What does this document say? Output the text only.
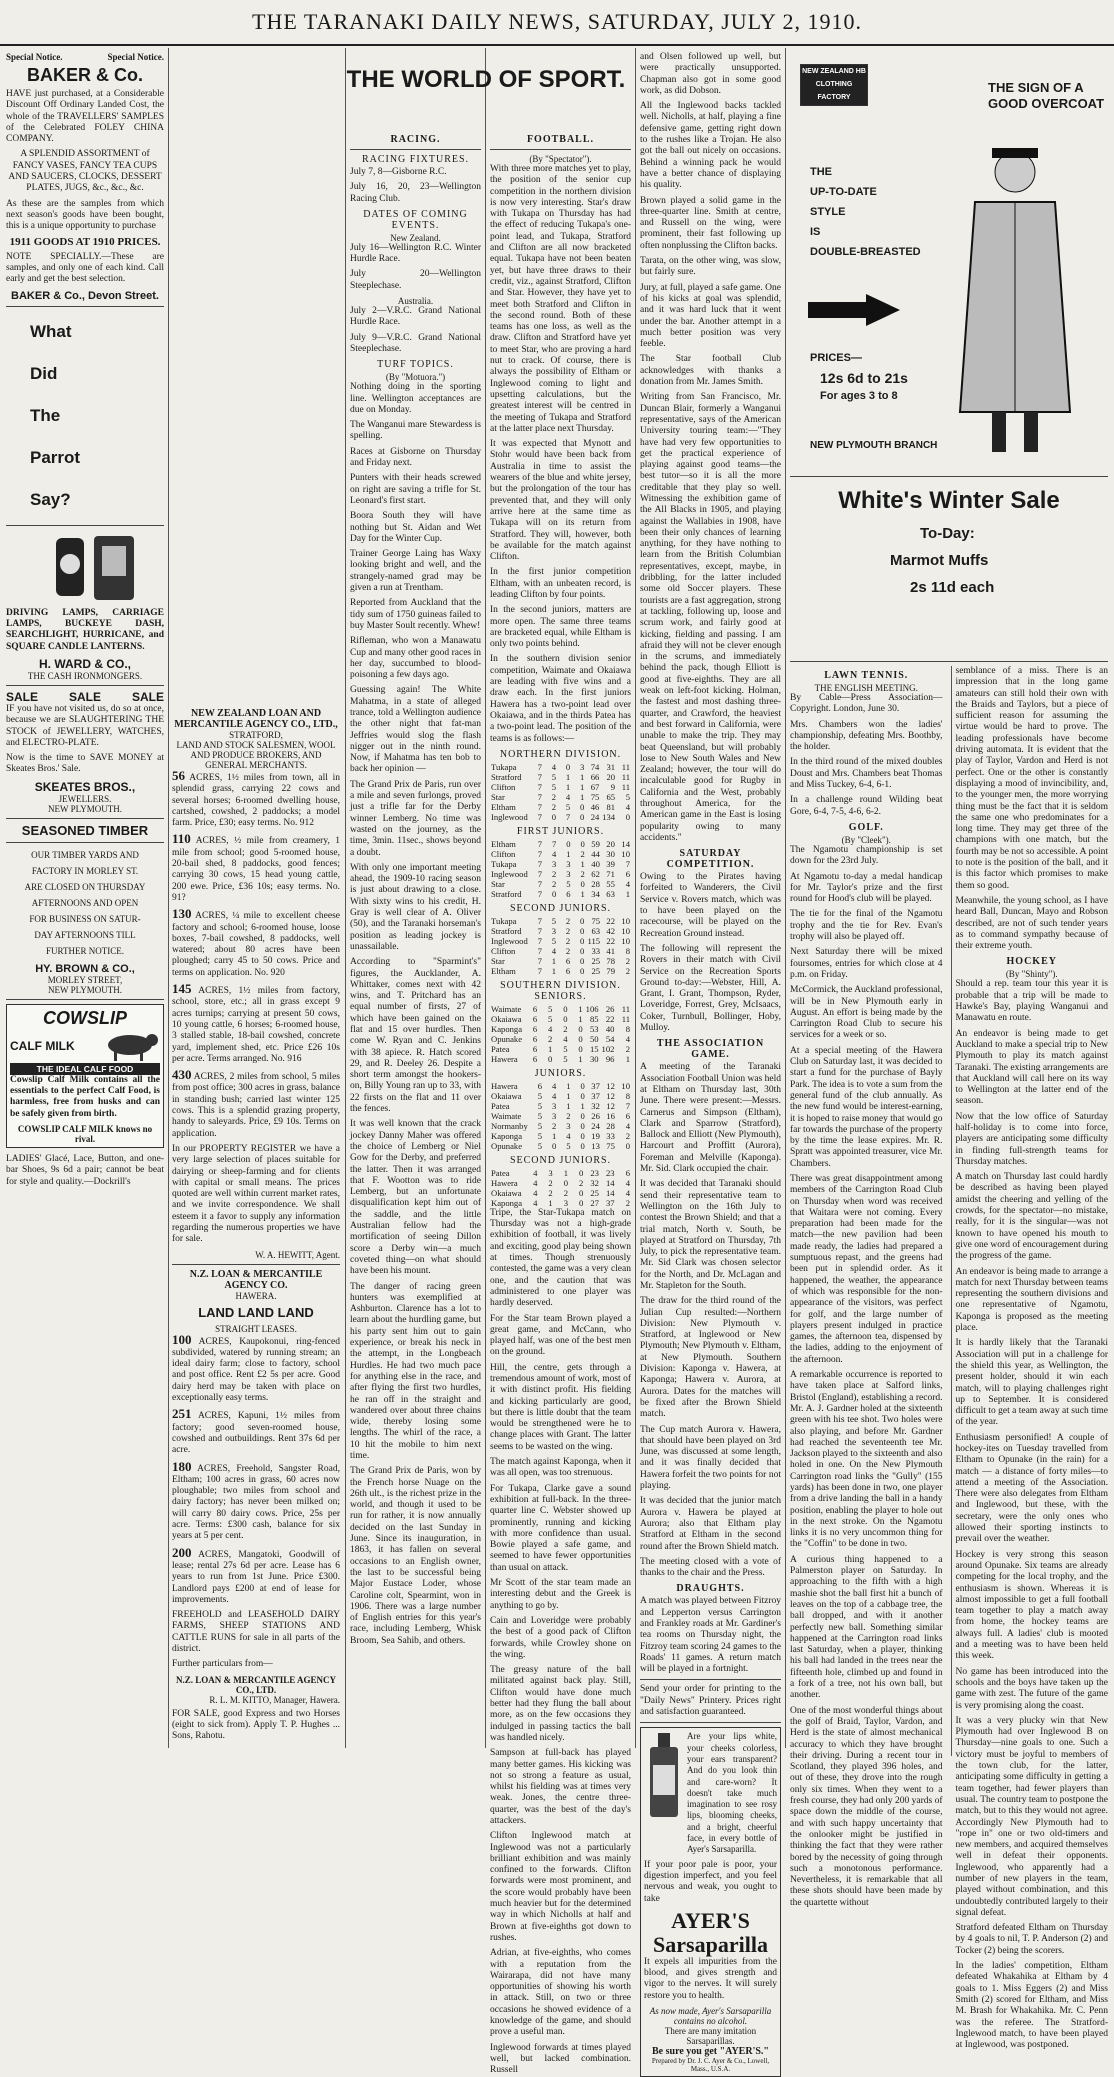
THE TARANAKI DAILY NEWS, SATURDAY, JULY 2, 1910.
Special Notice.	Special Notice.
BAKER & Co.

HAVE just purchased, at a Considerable Discount Off Ordinary Landed Cost, the whole of the TRAVELLERS' SAMPLES of the Celebrated FOLEY CHINA COMPANY.

A SPLENDID ASSORTMENT of FANCY VASES, FANCY TEA CUPS AND SAUCERS, CLOCKS, DESSERT PLATES, JUGS, &c., &c., &c.

As these are the samples from which next season's goods have been bought, this is a unique opportunity to purchase

1911 GOODS AT 1910 PRICES.

NOTE SPECIALLY.—These are samples, and only one of each kind. Call early and get the best selection.

BAKER & Co., Devon Street.
What
Did
The
Parrot
Say?

DRIVING LAMPS, CARRIAGE LAMPS, BUCKEYE DASH, SEARCHLIGHT, HURRICANE, and SQUARE CANDLE LANTERNS.

H. WARD & CO.,
THE CASH IRONMONGERS.
SALE	SALE	SALE

IF you have not visited us, do so at once, because we are SLAUGHTERING THE STOCK of JEWELLERY, WATCHES, and ELECTRO-PLATE.

Now is the time to SAVE MONEY at Skeates Bros.' Sale.

SKEATES BROS.,
JEWELLERS.
NEW PLYMOUTH.
SEASONED TIMBER
OUR TIMBER YARDS AND
FACTORY IN MORLEY ST.
ARE CLOSED ON THURSDAY
AFTERNOONS AND OPEN
FOR BUSINESS ON SATUR-
DAY AFTERNOONS TILL
FURTHER NOTICE.
HY. BROWN & CO.,
MORLEY STREET,
NEW PLYMOUTH.
COWSLIP
CALF MILK
THE IDEAL CALF FOOD

Cowslip Calf Milk contains all the essentials to the perfect Calf Food, is harmless, free from husks and can be safely given from birth.

COWSLIP CALF MILK knows no rival.

LADIES' Glacé, Lace, Button, and one-bar Shoes, 9s 6d a pair; cannot be beat for style and quality.—Dockrill's

THE WORLD OF SPORT.
RACING.
RACING FIXTURES.

July 7, 8—Gisborne R.C.

July 16, 20, 23—Wellington Racing Club.

DATES OF COMING EVENTS.
New Zealand.

July 16—Wellington R.C. Winter Hurdle Race.

July 20—Wellington Steeplechase.

Australia.

July 2—V.R.C. Grand National Hurdle Race.

July 9—V.R.C. Grand National Steeplechase.

TURF TOPICS.
(By "Motuora.")

Nothing doing in the sporting line. Wellington acceptances are due on Monday.

The Wanganui mare Stewardess is spelling.

Races at Gisborne on Thursday and Friday next.

Punters with their heads screwed on right are saving a trifle for St. Leonard's first start.

Boora South they will have nothing but St. Aidan and Wet Day for the Winter Cup.

Trainer George Laing has Waxy looking bright and well, and the strangely-named grad may be given a run at Trentham.

Reported from Auckland that the tidy sum of 1750 guineas failed to buy Master Soult recently. Whew!

Rifleman, who won a Manawatu Cup and many other good races in her day, succumbed to blood-poisoning a few days ago.

Guessing again! The White Mahatma, in a state of alleged trance, told a Wellington audience the other night that fat-man Jeffries would slog the flash nigger out in the ninth round. Now, if Mahatma has ten bob to back her opinion —

The Grand Prix de Paris, run over a mile and seven furlongs, proved just a trifle far for the Derby winner Lemberg. No time was wasted on the journey, as the time, 3min. 11sec., shows beyond a doubt.

With only one important meeting ahead, the 1909-10 racing season is just about drawing to a close. With sixty wins to his credit, H. Gray is well clear of A. Oliver (50), and the Taranaki horseman's position as leading jockey is unassailable.

According to "Sparmint's" figures, the Aucklander, A. Whittaker, comes next with 42 wins, and T. Pritchard has an equal number of firsts, 27 of which have been gained on the flat and 15 over hurdles. Then come W. Ryan and C. Jenkins with 38 apiece. R. Hatch scored 29, and R. Deeley 26. Despite a short term amongst the hookers-on, Billy Young ran up to 33, with 22 firsts on the flat and 11 over the fences.

It was well known that the crack jockey Danny Maher was offered the choice of Lemberg or Niel Gow for the Derby, and preferred the latter. Then it was arranged that F. Wootton was to ride Lemberg, but an unfortunate disqualification kept him out of the saddle, and the little Australian fellow had the mortification of seeing Dillon score a Derby win—a much coveted thing—on what should have been his mount.

The danger of racing green hunters was exemplified at Ashburton. Clarence has a lot to learn about the hurdling game, but his party sent him out to gain experience, or break his neck in the attempt, in the Longbeach Hurdles. He had two much pace for anything else in the race, and after flying the first two hurdles, he ran off in the straight and wandered over about three chains wide, thereby losing some lengths. The whirl of the race, a 10 hit the mobile to him next time.

The Grand Prix de Paris, won by the French horse Nuage on the 26th ult., is the richest prize in the world, and though it used to be run for rather, it is now annually decided on the last Sunday in June. Since its inauguration, in 1863, it has fallen on several occasions to an English owner, the last to be successful being Major Eustace Loder, whose Caroline colt, Spearmint, won in 1906. There was a large number of English entries for this year's race, including Lemberg, Whisk Broom, Sea Sahib, and others.

NEW ZEALAND LOAN AND MERCANTILE AGENCY CO., LTD.,
STRATFORD,
LAND AND STOCK SALESMEN, WOOL AND PRODUCE BROKERS, AND GENERAL MERCHANTS.

56 ACRES, 1½ miles from town, all in splendid grass, carrying 22 cows and several horses; 6-roomed dwelling house, cartshed, cowshed, 2 paddocks; a model farm. Price, £30; easy terms. No. 912

110 ACRES, ½ mile from creamery, 1 mile from school; good 5-roomed house, 20-bail shed, 8 paddocks, good fences; carrying 30 cows, 15 head young cattle, 200 ewe. Price, £36 10s; easy terms. No. 91?

130 ACRES, ¼ mile to excellent cheese factory and school; 6-roomed house, loose boxes, 7-bail cowshed, 8 paddocks, well watered; about 80 acres have been ploughed; carry 45 to 50 cows. Price and terms on application. No. 920

145 ACRES, 1½ miles from factory, school, store, etc.; all in grass except 9 acres turnips; carrying at present 50 cows, 10 young cattle, 6 horses; 6-roomed house, 3 stalled stable, 18-bail cowshed, concrete yard, implement shed, etc. Price £26 10s per acre. Terms arranged. No. 916

430 ACRES, 2 miles from school, 5 miles from post office; 300 acres in grass, balance in standing bush; carried last winter 125 cows. This is a splendid grazing property, handy to saleyards. Price, £9 10s. Terms on application.

In our PROPERTY REGISTER we have a very large selection of places suitable for dairying or sheep-farming and for clients with capital or small means. The prices quoted are well within current market rates, and we invite correspondence. We shall esteem it a favor to supply any information regarding the numerous properties we have for sale.

W. A. HEWITT, Agent.
N.Z. LOAN & MERCANTILE AGENCY CO.
HAWERA.
LAND LAND LAND
STRAIGHT LEASES.

100 ACRES, Kaupokonui, ring-fenced subdivided, watered by running stream; an ideal dairy farm; close to factory, school and post office. Rent £2 5s per acre. Good dairy herd may be taken with place on exceptionally easy terms.

251 ACRES, Kapuni, 1½ miles from factory; good seven-roomed house, cowshed and outbuildings. Rent 37s 6d per acre.

180 ACRES, Freehold, Sangster Road, Eltham; 100 acres in grass, 60 acres now ploughable; two miles from school and dairy factory; has never been milked on; will carry 80 dairy cows. Price, 25s per acre. Terms: £300 cash, balance for six years at 5 per cent.

200 ACRES, Mangatoki, Goodwill of lease; rental 27s 6d per acre. Lease has 6 years to run from 1st June. Price £300. Landlord pays £200 at end of lease for improvements.

FREEHOLD and LEASEHOLD DAIRY FARMS, SHEEP STATIONS AND CATTLE RUNS for sale in all parts of the district.

Further particulars from—

N.Z. LOAN & MERCANTILE AGENCY CO., LTD.
R. L. M. KITTO, Manager, Hawera.

FOR SALE, good Express and two Horses (eight to sick from). Apply T. P. Hughes ... Sons, Rahotu.

FOOTBALL.
(By "Spectator").

With three more matches yet to play, the position of the senior cup competition in the northern division is now very interesting. Star's draw with Tukapa on Thursday has had the effect of reducing Tukapa's one-point lead, and Tukapa, Stratford and Clifton are all now bracketed equal. Tukapa have not been beaten yet, but have three draws to their credit, viz., against Stratford, Clifton and Star. However, they have yet to meet both Stratford and Clifton in the second round. Both of these teams has one loss, as well as the draw. Clifton and Stratford have yet to meet Star, who are proving a hard nut to crack. Of course, there is always the possibility of Eltham or Inglewood coming to light and upsetting calculations, but the greatest interest will be centred in the meeting of Tukapa and Stratford at the latter place next Thursday.

It was expected that Mynott and Stohr would have been back from Australia in time to assist the wearers of the blue and white jersey, but the prolongation of the tour has prevented that, and they will only arrive here at the same time as Tukapa will on its return from Stratford. They will, however, both be available for the match against Clifton.

In the first junior competition Eltham, with an unbeaten record, is leading Clifton by four points.

In the second juniors, matters are more open. The same three teams are bracketed equal, while Eltham is only two points behind.

In the southern division senior competition, Waimate and Okaiawa are leading with five wins and a draw each. In the first juniors Hawera has a two-point lead over Okaiawa, and in the thirds Patea has a two-point lead. The position of the teams is as follows:—

NORTHERN DIVISION.
Tukapa	7	4	0	3	74	31	11
Stratford	7	5	1	1	66	20	11
Clifton	7	5	1	1	67	9	11
Star	7	2	4	1	75	65	5
Eltham	7	2	5	0	46	81	4
Inglewood	7	0	7	0	24	134	0
FIRST JUNIORS.
Eltham	7	7	0	0	59	20	14
Clifton	7	4	1	2	44	30	10
Tukapa	7	3	3	1	40	39	7
Inglewood	7	2	3	2	62	71	6
Star	7	2	5	0	28	55	4
Stratford	7	0	6	1	34	63	1
SECOND JUNIORS.
Tukapa	7	5	2	0	75	22	10
Stratford	7	3	2	0	63	42	10
Inglewood	7	5	2	0	115	22	10
Clifton	7	4	2	0	33	41	8
Star	7	1	6	0	25	78	2
Eltham	7	1	6	0	25	79	2
SOUTHERN DIVISION. SENIORS.
Waimate	6	5	0	1	106	26	11
Okaiawa	6	5	0	1	85	22	11
Kaponga	6	4	2	0	53	40	8
Opunake	6	2	4	0	50	54	4
Patea	6	1	5	0	15	102	2
Hawera	6	0	5	1	30	96	1
JUNIORS.
Hawera	6	4	1	0	37	12	10
Okaiawa	5	4	1	0	37	12	8
Patea	5	3	1	1	32	12	7
Waimate	5	3	2	0	26	16	6
Normanby	5	2	3	0	24	28	4
Kaponga	5	1	4	0	19	33	2
Opunake	5	0	5	0	13	75	0
SECOND JUNIORS.
Patea	4	3	1	0	23	23	6
Hawera	4	2	0	2	32	14	4
Okaiawa	4	2	2	0	25	14	4
Kaponga	4	1	3	0	27	37	2

Tripe, the Star-Tukapa match on Thursday was not a high-grade exhibition of football, it was lively and exciting, good play being shown at times. Though strenuously contested, the game was a very clean one, and the caution that was administered to one player was hardly deserved.

For the Star team Brown played a great game, and McCann, who played half, was one of the best men on the ground.

Hill, the centre, gets through a tremendous amount of work, most of it with distinct profit. His fielding and kicking particularly are good, but there is little doubt that the team would be strengthened were he to change places with Grant. The latter seems to be wasted on the wing.

The match against Kaponga, when it was all open, was too strenuous.

For Tukapa, Clarke gave a sound exhibition at full-back. In the three-quarter line C. Webster showed up prominently, running and kicking with more confidence than usual. Bowie played a safe game, and seemed to have fewer opportunities than usual on attack.

Mr Scott of the star team made an interesting debut and the Greek is anything to go by.

Cain and Loveridge were probably the best of a good pack of Clifton forwards, while Crowley shone on the wing.

The greasy nature of the ball militated against back play. Still, Clifton would have done much better had they flung the ball about more, as on the few occasions they indulged in passing tactics the ball was handled nicely.

Sampson at full-back has played many better games. His kicking was not so strong a feature as usual, whilst his fielding was at times very weak. Jones, the centre three-quarter, was the best of the day's attackers.

Clifton Inglewood match at Inglewood was not a particularly brilliant exhibition and was mainly confined to the forwards. Clifton forwards were most prominent, and the score would probably have been much heavier but for the determined way in which Nicholls at half and Brown at five-eighths got down to rushes.

Adrian, at five-eighths, who comes with a reputation from the Wairarapa, did not have many opportunities of showing his worth in attack. Still, on two or three occasions he showed evidence of a knowledge of the game, and should prove a useful man.

Inglewood forwards at times played well, but lacked combination. Russell

and Olsen followed up well, but were practically unsupported. Chapman also got in some good work, as did Dobson.

All the Inglewood backs tackled well. Nicholls, at half, playing a fine defensive game, getting right down to the rushes like a Trojan. He also got the ball out nicely on occasions. Behind a winning pack he would have a better chance of displaying his quality.

Brown played a solid game in the three-quarter line. Smith at centre, and Russell on the wing, were prominent, their fast following up often nonplussing the Clifton backs.

Tarata, on the other wing, was slow, but fairly sure.

Jury, at full, played a safe game. One of his kicks at goal was splendid, and it was hard luck that it went under the bar. Another attempt in a much better position was very feeble.

The Star football Club acknowledges with thanks a donation from Mr. James Smith.

Writing from San Francisco, Mr. Duncan Blair, formerly a Wanganui representative, says of the American University touring team:—"They have had very few opportunities to get the practical experience of playing against good teams—the best tutor—so it is all the more creditable that they play so well. Witnessing the exhibition game of the All Blacks in 1905, and playing against the Wallabies in 1908, have been their only chances of learning anything, for they have nothing to learn from the British Columbian representatives, except, maybe, in dribbling, for the latter included some old Soccer players. These tourists are a fast aggregation, strong at tackling, following up, loose and scrum work, and fairly good at kicking, fielding and passing. I am afraid they will not be clever enough in the scrums, and immediately behind the pack, though Elliott is good at five-eighths. They are all weak on left-foot kicking. Holman, the fastest and most dashing three-quarter, and Crawford, the heaviest and best forward in California, were unable to make the trip. They may beat Queensland, but will probably lose to New South Wales and New Zealand; however, the tour will do incalculable good for Rugby in California and the West, probably throughout America, for the American game in the East is losing popularity owing to many accidents."

SATURDAY COMPETITION.

Owing to the Pirates having forfeited to Wanderers, the Civil Service v. Rovers match, which was to have been played on the racecourse, will be played on the Recreation Ground instead.

The following will represent the Rovers in their match with Civil Service on the Recreation Sports Ground to-day:—Webster, Hill, A. Grant, I. Grant, Thompson, Ryder, Loveridge, Forrest, Grey, McIsaacs, Coker, Turnbull, Bollinger, Hoby, Mulloy.

THE ASSOCIATION GAME.

A meeting of the Taranaki Association Football Union was held at Eltham on Thursday last, 30th June. There were present:—Messrs. Carnerus and Simpson (Eltham), Clark and Sparrow (Stratford), Ballock and Elliott (New Plymouth), Harcourt and Proffitt (Aurora), Foreman and Melville (Kaponga). Mr. Sid. Clark occupied the chair.

It was decided that Taranaki should send their representative team to Wellington on the 16th July to contest the Brown Shield; and that a trial match, North v. South, be played at Stratford on Thursday, 7th July, to pick the representative team. Mr. Sid Clark was chosen selector for the North, and Dr. McLagan and Mr. Stapleton for the South.

The draw for the third round of the Julian Cup resulted:—Northern Division: New Plymouth v. Stratford, at Inglewood or New Plymouth; New Plymouth v. Eltham, at New Plymouth. Southern Division: Kaponga v. Hawera, at Kaponga; Hawera v. Aurora, at Aurora. Dates for the matches will be fixed after the Brown Shield match.

The Cup match Aurora v. Hawera, that should have been played on 3rd June, was discussed at some length, and it was finally decided that Hawera forfeit the two points for not playing.

It was decided that the junior match Aurora v. Hawera be played at Aurora; also that Eltham play Stratford at Eltham in the second round after the Brown Shield match.

The meeting closed with a vote of thanks to the chair and the Press.

DRAUGHTS.

A match was played between Fitzroy and Lepperton versus Carrington and Frankley roads at Mr. Gardiner's tea rooms on Thursday night, the Fitzroy team scoring 24 games to the Roads' 11 games. A return match will be played in a fortnight.

Send your order for printing to the "Daily News" Printery. Prices right and satisfaction guaranteed.

Are your lips white, your cheeks colorless, your ears transparent? And do you look thin and care-worn? It doesn't take much imagination to see rosy lips, blooming cheeks, and a bright, cheerful face, in every bottle of Ayer's Sarsaparilla.

If your poor pale is poor, your digestion imperfect, and you feel nervous and weak, you ought to take

AYER'S Sarsaparilla

It expels all impurities from the blood, and gives strength and vigor to the nerves. It will surely restore you to health.

As now made, Ayer's Sarsaparilla contains no alcohol.
There are many imitation Sarsaparillas.
Be sure you get "AYER'S."
Prepared by Dr. J. C. Ayer & Co., Lowell, Mass., U.S.A.
NEW ZEALAND HB CLOTHING FACTORY
THE SIGN OF A GOOD OVERCOAT
THE
UP-TO-DATE
STYLE
IS
DOUBLE-BREASTED
PRICES—
12s 6d to 21s
For ages 3 to 8
NEW PLYMOUTH BRANCH
White's Winter Sale
To-Day:
Marmot Muffs
2s 11d each
LAWN TENNIS.
THE ENGLISH MEETING.

By Cable—Press Association—Copyright. London, June 30.

Mrs. Chambers won the ladies' championship, defeating Mrs. Boothby, the holder.

In the third round of the mixed doubles Doust and Mrs. Chambers beat Thomas and Miss Tuckey, 6-4, 6-1.

In a challenge round Wilding beat Gore, 6-4, 7-5, 4-6, 6-2.

GOLF.
(By "Cleek").

The Ngamotu championship is set down for the 23rd July.

At Ngamotu to-day a medal handicap for Mr. Taylor's prize and the first round for Hood's club will be played.

The tie for the final of the Ngamotu trophy and the tie for Rev. Evan's trophy will also be played off.

Next Saturday there will be mixed foursomes, entries for which close at 4 p.m. on Friday.

McCormick, the Auckland professional, will be in New Plymouth early in August. An effort is being made by the Carrington Road Club to secure his services for a week or so.

At a special meeting of the Hawera Club on Saturday last, it was decided to start a fund for the purchase of Bayly Park. The idea is to vote a sum from the general fund of the club annually. As the new fund would be interest-earning, it is hoped to raise money that would go far towards the purchase of the property by the time the lease expires. Mr. R. Spratt was appointed treasurer, vice Mr. Chambers.

There was great disappointment among members of the Carrington Road Club on Thursday when word was received that Waitara were not coming. Every preparation had been made for the match—the new pavilion had been made ready, the ladies had prepared a sumptuous repast, and the greens had been put in splendid order. As it happened, the weather, the appearance of which was responsible for the non-appearance of the visitors, was perfect for golf, and the large number of players present indulged in practice games, the afternoon tea, dispensed by the ladies, adding to the enjoyment of the afternoon.

A remarkable occurrence is reported to have taken place at Salford links, Bristol (England), establishing a record. Mr. A. J. Gardner holed at the sixteenth green with his tee shot. Two holes were also playing, and before Mr. Gardner had reached the seventeenth tee Mr. Jackson played to the sixteenth and also holed in one. On the New Plymouth Carrington road links the "Gully" (155 yards) has been done in two, one player from a drive landing the ball in a handy position, enabling the player to hole out in the next stroke. On the Ngamotu links it is no very uncommon thing for the "Coffin" to be done in two.

A curious thing happened to a Palmerston player on Saturday. In approaching to the fifth with a high mashie shot the ball first hit a bunch of leaves on the top of a cabbage tree, the ball dropped, and with it another perfectly new ball. Something similar happened at the Carrington road links last Saturday, when a player, thinking his ball had landed in the trees near the fifteenth hole, climbed up and found in a fork of a tree, not his own ball, but another.

One of the most wonderful things about the golf of Braid, Taylor, Vardon, and Herd is the state of almost mechanical accuracy to which they have brought their driving. During a recent tour in Scotland, they played 396 holes, and out of these, they drove into the rough only six times. When they went to a fresh course, they had only 200 yards of space down the middle of the course, and with such happy uncertainty that the onlooker might be justified in thinking the fact that they were rather bored by the necessity of going through such a monotonous performance. Nevertheless, it is remarkable that all these shots should have been made by the quartette without

semblance of a miss. There is an impression that in the long game amateurs can still hold their own with the Braids and Taylors, but a piece of sufficient reason for assuming the virtue would be hard to prove. The leading professionals have become driving automata. It is evident that the play of Taylor, Vardon and Herd is not perfect. One or the other is constantly displaying a mood of invincibility, and, to the younger men, the more worrying thing must be the fact that it is seldom the same one who predominates for a long time. They may get three of the champions with one match, but the fourth may be not so accessible. A point to note is the position of the ball, and it is this factor which promises to make them so good.

Meanwhile, the young school, as I have heard Ball, Duncan, Mayo and Robson described, are not of such tender years as to command sympathy because of their extreme youth.

HOCKEY
(By "Shinty").

Should a rep. team tour this year it is probable that a trip will be made to Hawke's Bay, playing Wanganui and Manawatu en route.

An endeavor is being made to get Auckland to make a special trip to New Plymouth to play its match against Taranaki. The existing arrangements are that Auckland will call here on its way to Wellington at the latter end of the season.

Now that the low office of Saturday half-holiday is to come into force, players are anticipating some difficulty in finding full-strength teams for Thursday matches.

A match on Thursday last could hardly be described as having been played amidst the cheering and yelling of the crowds, for the spectator—no mistake, really, for it is the singular—was not known to have opened his mouth to give one word of encouragement during the progress of the game.

An endeavor is being made to arrange a match for next Thursday between teams representing the southern divisions and one representative of Ngamotu, Kaponga is proposed as the meeting place.

It is hardly likely that the Taranaki Association will put in a challenge for the shield this year, as Wellington, the present holder, should it win each match, will to playing challenges right up to September. It is considered difficult to get a team away at such time of the year.

Enthusiasm personified! A couple of hockey-ites on Tuesday travelled from Eltham to Opunake (in the rain) for a match — a distance of forty miles—to attend a meeting of the Association. There were also delegates from Eltham and Inglewood, but these, with the secretary, were the only ones who allowed their sporting instincts to prevail over the weather.

Hockey is very strong this season around Opunake. Six teams are already competing for the local trophy, and the enthusiasm is shown. Whereas it is almost impossible to get a full football team together to play a match away from home, the hockey teams are always full. A ladies' club is mooted and a meeting was to have been held this week.

No game has been introduced into the schools and the boys have taken up the game with zest. The future of the game is very promising along the coast.

It was a very plucky win that New Plymouth had over Inglewood B on Thursday—nine goals to one. Such a victory must be joyful to members of the town club, for the latter, anticipating some difficulty in getting a team together, had fewer players than usual. The country team to postpone the match, but to this they would not agree. Accordingly New Plymouth had to "rope in" one or two old-timers and new members, and acquired themselves well in defeat their opponents. Inglewood, who apparently had a number of new players in the team, played without combination, and this undoubtedly contributed largely to their signal defeat.

Stratford defeated Eltham on Thursday by 4 goals to nil, T. P. Anderson (2) and Tocker (2) being the scorers.

In the ladies' competition, Eltham defeated Whakahika at Eltham by 4 goals to 1. Miss Eggers (2) and Miss Smith (2) scored for Eltham, and Miss M. Brash for Whakahika. Mr. C. Penn was the referee. The Stratford-Inglewood match, to have been played at Inglewood, was postponed.
